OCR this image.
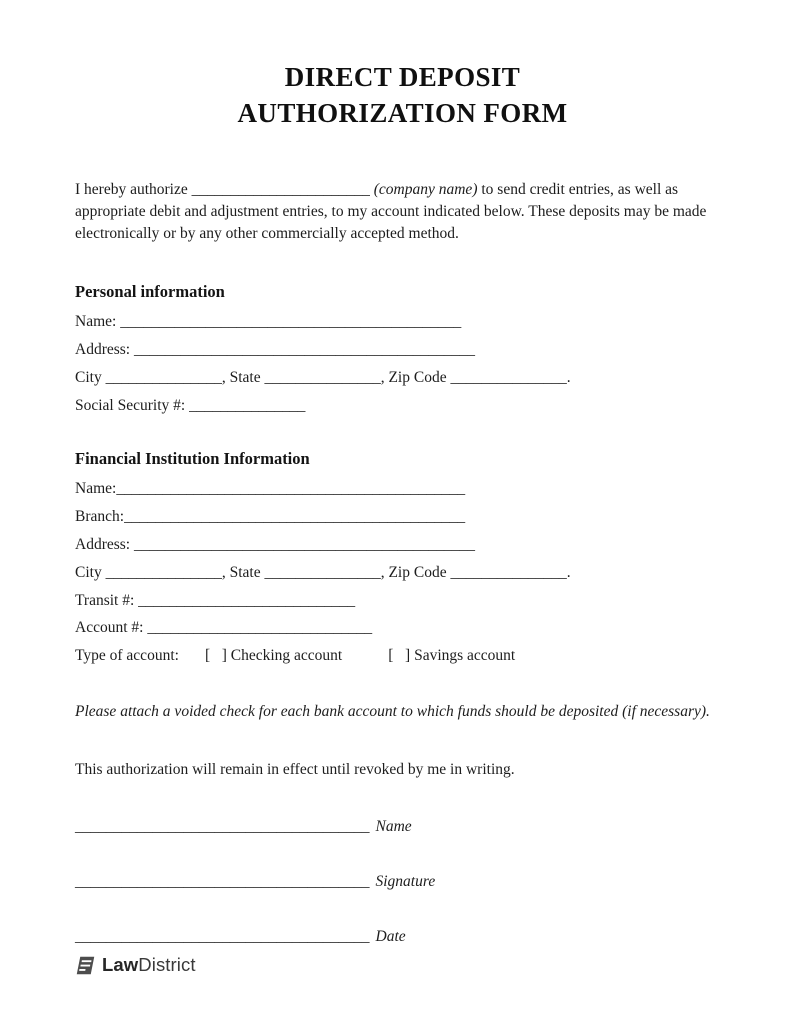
DIRECT DEPOSIT
AUTHORIZATION FORM

I hereby authorize _______________________ (company name) to send credit entries, as well as appropriate debit and adjustment entries, to my account indicated below. These deposits may be made electronically or by any other commercially accepted method.

Personal information
Name: ____________________________________________
Address: ____________________________________________
City _______________, State _______________, Zip Code _______________.
Social Security #: _______________
Financial Institution Information
Name:_____________________________________________
Branch:____________________________________________
Address: ____________________________________________
City _______________, State _______________, Zip Code _______________.
Transit #: ____________________________
Account #: _____________________________
Type of account: [   ] Checking account	[   ] Savings account

Please attach a voided check for each bank account to which funds should be deposited (if necessary).

This authorization will remain in effect until revoked by me in writing.

______________________________________ Name
______________________________________ Signature
______________________________________ Date
LawDistrict
